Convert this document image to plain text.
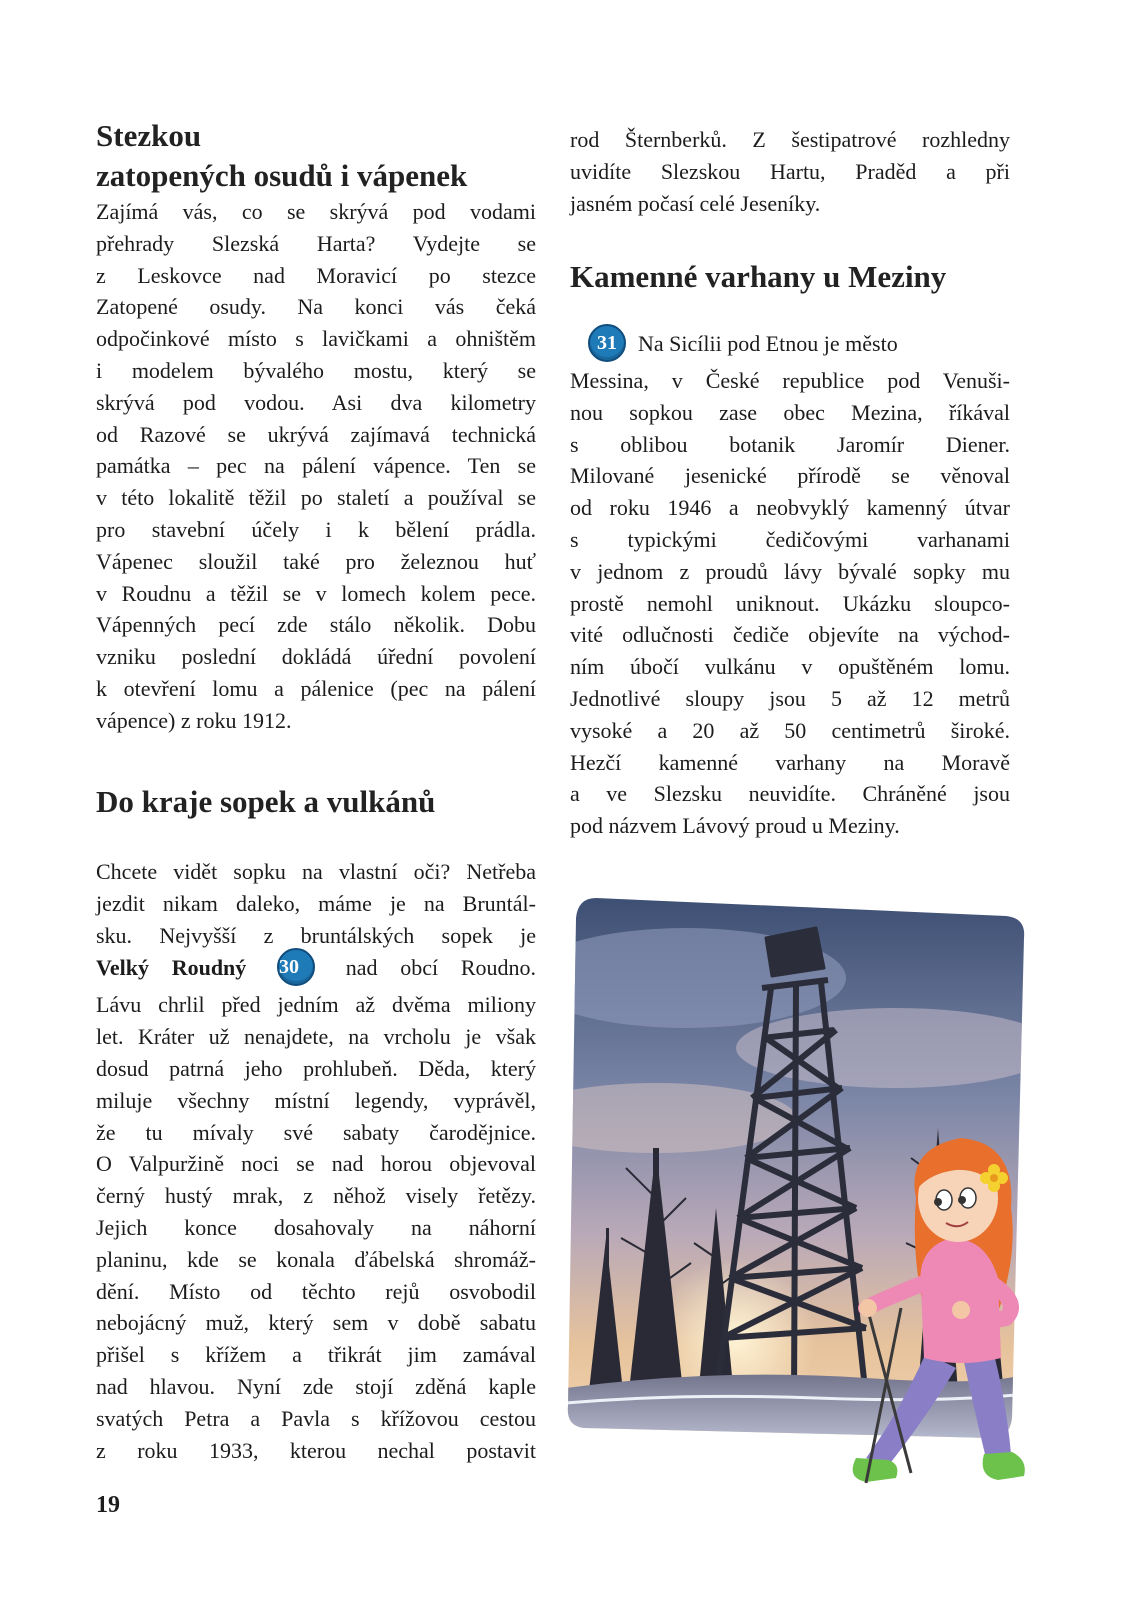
Stezkou
zatopených osudů i vápenek

Zajímá vás, co se skrývá pod vodami
přehrady Slezská Harta? Vydejte se
z Leskovce nad Moravicí po stezce
Zatopené osudy. Na konci vás čeká
odpočinkové místo s lavičkami a ohništěm
i modelem bývalého mostu, který se
skrývá pod vodou. Asi dva kilometry
od Razové se ukrývá zajímavá technická
památka – pec na pálení vápence. Ten se
v této lokalitě těžil po staletí a používal se
pro stavební účely i k bělení prádla.
Vápenec sloužil také pro železnou huť
v Roudnu a těžil se v lomech kolem pece.
Vápenných pecí zde stálo několik. Dobu
vzniku poslední dokládá úřední povolení
k otevření lomu a pálenice (pec na pálení
vápence) z roku 1912.

Do kraje sopek a vulkánů

Chcete vidět sopku na vlastní oči? Netřeba
jezdit nikam daleko, máme je na Bruntál-
sku. Nejvyšší z bruntálských sopek je
Velký Roudný 30 nad obcí Roudno.
Lávu chrlil před jedním až dvěma miliony
let. Kráter už nenajdete, na vrcholu je však
dosud patrná jeho prohlubeň. Děda, který
miluje všechny místní legendy, vyprávěl,
že tu mívaly své sabaty čarodějnice.
O Valpuržině noci se nad horou objevoval
černý hustý mrak, z něhož visely řetězy.
Jejich konce dosahovaly na náhorní
planinu, kde se konala ďábelská shromáž-
dění. Místo od těchto rejů osvobodil
nebojácný muž, který sem v době sabatu
přišel s křížem a třikrát jim zamával
nad hlavou. Nyní zde stojí zděná kaple
svatých Petra a Pavla s křížovou cestou
z roku 1933, kterou nechal postavit

rod Šternberků. Z šestipatrové rozhledny
uvidíte Slezskou Hartu, Praděd a při
jasném počasí celé Jeseníky.

Kamenné varhany u Meziny

31 Na Sicílii pod Etnou je město
Messina, v České republice pod Venuši-
nou sopkou zase obec Mezina, říkával
s oblibou botanik Jaromír Diener.
Milované jesenické přírodě se věnoval
od roku 1946 a neobvyklý kamenný útvar
s typickými čedičovými varhanami
v jednom z proudů lávy bývalé sopky mu
prostě nemohl uniknout. Ukázku sloupco-
vité odlučnosti čediče objevíte na východ-
ním úbočí vulkánu v opuštěném lomu.
Jednotlivé sloupy jsou 5 až 12 metrů
vysoké a 20 až 50 centimetrů široké.
Hezčí kamenné varhany na Moravě
a ve Slezsku neuvidíte. Chráněné jsou
pod názvem Lávový proud u Meziny.

19
